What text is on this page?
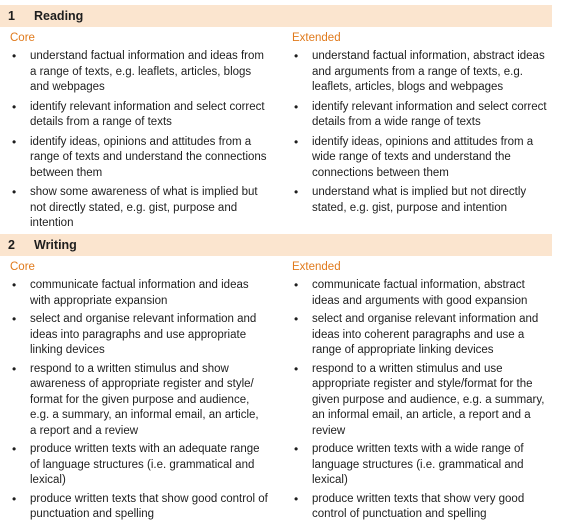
1	Reading
Core
• understand factual information and ideas from a range of texts, e.g. leaflets, articles, blogs and webpages
• identify relevant information and select correct details from a range of texts
• identify ideas, opinions and attitudes from a range of texts and understand the connections between them
• show some awareness of what is implied but not directly stated, e.g. gist, purpose and intention
Extended
• understand factual information, abstract ideas and arguments from a range of texts, e.g. leaflets, articles, blogs and webpages
• identify relevant information and select correct details from a wide range of texts
• identify ideas, opinions and attitudes from a wide range of texts and understand the connections between them
• understand what is implied but not directly stated, e.g. gist, purpose and intention
2	Writing
Core
• communicate factual information and ideas with appropriate expansion
• select and organise relevant information and ideas into paragraphs and use appropriate linking devices
• respond to a written stimulus and show awareness of appropriate register and style/ format for the given purpose and audience, e.g. a summary, an informal email, an article, a report and a review
• produce written texts with an adequate range of language structures (i.e. grammatical and lexical)
• produce written texts that show good control of punctuation and spelling
Extended
• communicate factual information, abstract ideas and arguments with good expansion
• select and organise relevant information and ideas into coherent paragraphs and use a range of appropriate linking devices
• respond to a written stimulus and use appropriate register and style/format for the given purpose and audience, e.g. a summary, an informal email, an article, a report and a review
• produce written texts with a wide range of language structures (i.e. grammatical and lexical)
• produce written texts that show very good control of punctuation and spelling
